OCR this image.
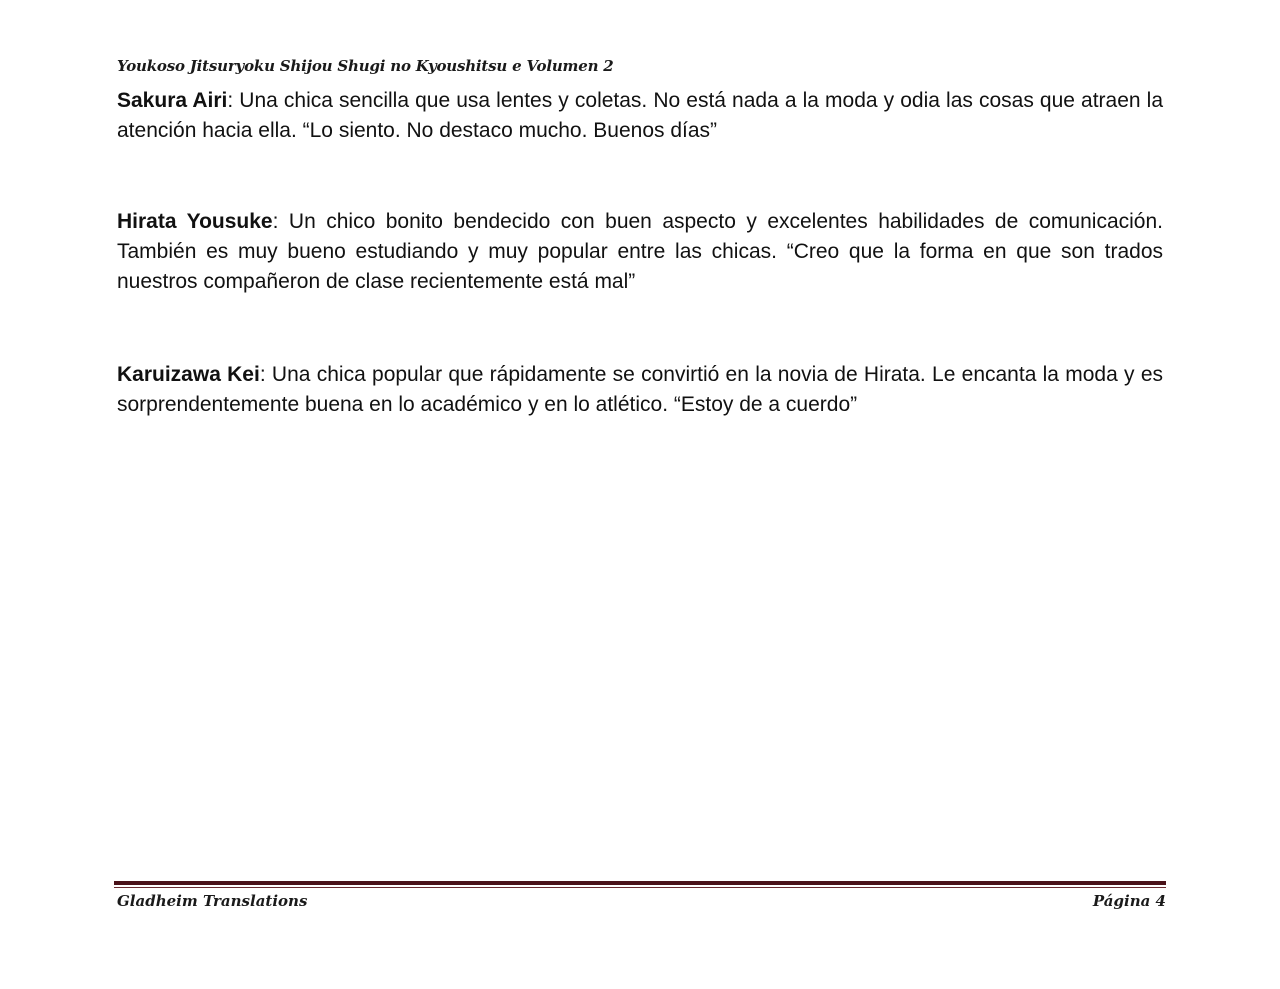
Youkoso Jitsuryoku Shijou Shugi no Kyoushitsu e Volumen 2
Sakura Airi: Una chica sencilla que usa lentes y coletas. No está nada a la moda y odia las cosas que atraen la atención hacia ella. “Lo siento. No destaco mucho. Buenos días”
Hirata Yousuke: Un chico bonito bendecido con buen aspecto y excelentes habilidades de comunicación. También es muy bueno estudiando y muy popular entre las chicas. “Creo que la forma en que son trados nuestros compañeron de clase recientemente está mal”
Karuizawa Kei: Una chica popular que rápidamente se convirtió en la novia de Hirata. Le encanta la moda y es sorprendentemente buena en lo académico y en lo atlético. “Estoy de a cuerdo”
Gladheim Translations	Página 4
